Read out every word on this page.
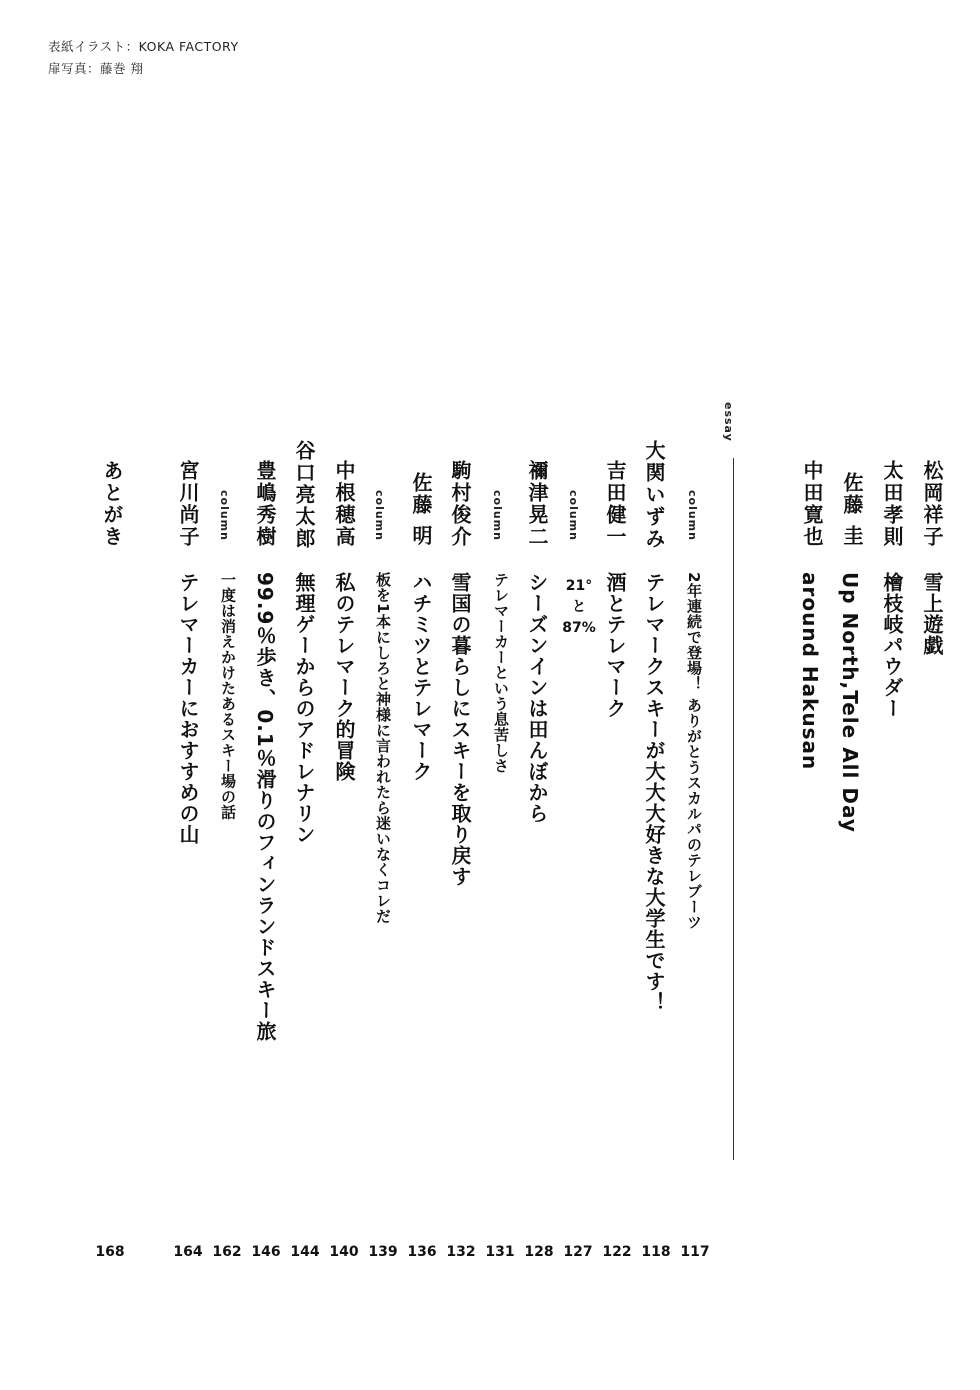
表紙イラスト：KOKA FACTORY
扉写真：藤巻 翔
松岡祥子
雪上遊戯
太田孝則
檜枝岐パウダー
佐藤 圭
Up North,Tele All Day
中田寛也
around Hakusan
essay
column
2年連続で登場！ ありがとうスカルパのテレブーツ
大関いずみ
テレマークスキーが大大大好きな大学生です！
吉田健一
酒とテレマーク
column
21°
と
87%
禰津晃二
シーズンインは田んぼから
column
テレマーカーという息苦しさ
駒村俊介
雪国の暮らしにスキーを取り戻す
佐藤 明
ハチミツとテレマーク
column
板を1本にしろと神様に言われたら迷いなくコレだ
中根穂高
私のテレマーク的冒険
谷口亮太郎
無理ゲーからのアドレナリン
豊嶋秀樹
99.9％歩き、0.1％滑りのフィンランドスキー旅
column
一度は消えかけたあるスキー場の話
宮川尚子
テレマーカーにおすすめの山
あとがき
117
118
122
127
128
131
132
136
139
140
144
146
162
164
168
